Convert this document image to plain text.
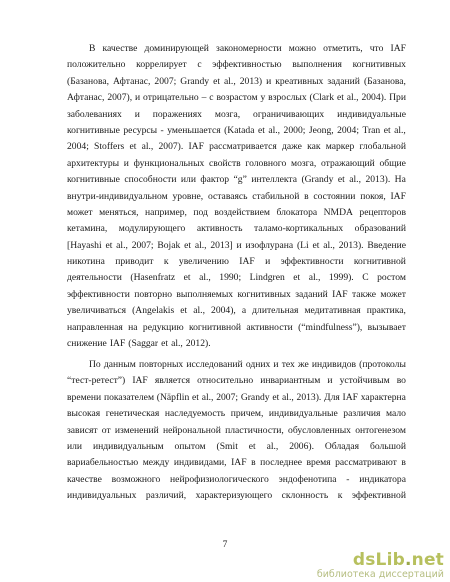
В качестве доминирующей закономерности можно отметить, что IAF
положительно коррелирует с эффективностью выполнения когнитивных
(Базанова, Афтанас, 2007; Grandy et al., 2013) и креативных заданий (Базанова,
Афтанас, 2007), и отрицательно – с возрастом у взрослых (Clark et al., 2004). При
заболеваниях и поражениях мозга, ограничивающих индивидуальные
когнитивные ресурсы - уменьшается (Katada et al., 2000; Jeong, 2004; Tran et al.,
2004; Stoffers et al., 2007). IAF рассматривается даже как маркер глобальной
архитектуры и функциональных свойств головного мозга, отражающий общие
когнитивные способности или фактор “g” интеллекта (Grandy et al., 2013). На
внутри-индивидуальном уровне, оставаясь стабильной в состоянии покоя, IAF
может меняться, например, под воздействием блокатора NMDA рецепторов
кетамина, модулирующего активность таламо-кортикальных образований
[Hayashi et al., 2007; Bojak et al., 2013] и изофлурана (Li et al., 2013). Введение
никотина приводит к увеличению IAF и эффективности когнитивной
деятельности (Hasenfratz et al., 1990; Lindgren et al., 1999). С ростом
эффективности повторно выполняемых когнитивных заданий IAF также может
увеличиваться (Angelakis et al., 2004), а длительная медитативная практика,
направленная на редукцию когнитивной активности (“mindfulness”), вызывает
снижение IAF (Saggar et al., 2012).
По данным повторных исследований одних и тех же индивидов (протоколы
“тест-ретест”) IAF является относительно инвариантным и устойчивым во
времени показателем (Näpflin et al., 2007; Grandy et al., 2013). Для IAF характерна
высокая генетическая наследуемость причем, индивидуальные различия мало
зависят от изменений нейрональной пластичности, обусловленных онтогенезом
или индивидуальным опытом (Smit et al., 2006). Обладая большой
вариабельностью между индивидами, IAF в последнее время рассматривают в
качестве возможного нейрофизиологического эндофенотипа - индикатора
индивидуальных различий, характеризующего склонность к эффективной
7
dsLib.net
библиотека диссертаций
